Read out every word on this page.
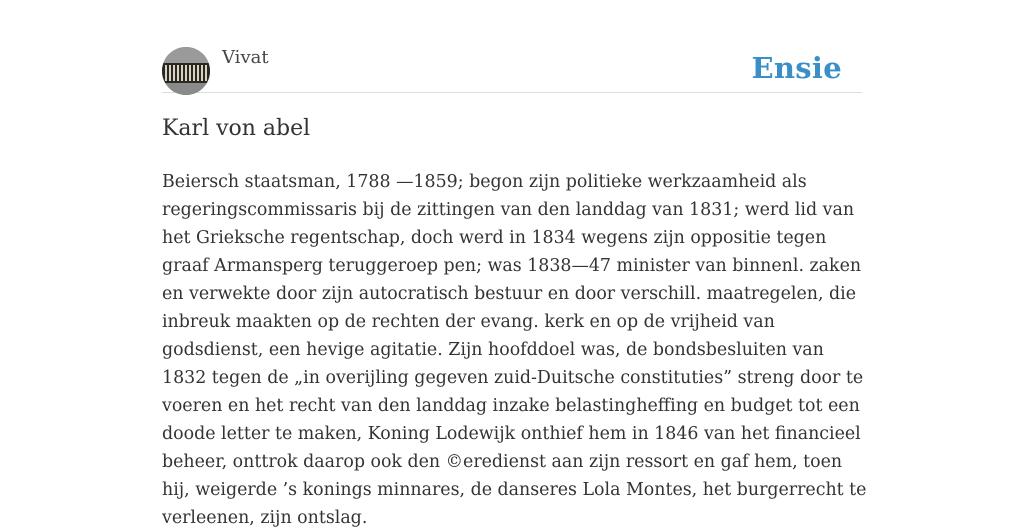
Vivat	Ensie
Karl von abel

Beiersch staatsman, 1788 —1859; begon zijn politieke werkzaamheid als regeringscommissaris bij de zittingen van den landdag van 1831; werd lid van het Grieksche regentschap, doch werd in 1834 wegens zijn oppositie tegen graaf Armansperg teruggeroep pen; was 1838—47 minister van binnenl. zaken en verwekte door zijn autocratisch bestuur en door verschill. maatregelen, die inbreuk maakten op de rechten der evang. kerk en op de vrijheid van godsdienst, een hevige agitatie. Zijn hoofddoel was, de bondsbesluiten van 1832 tegen de „in overijling gegeven zuid-Duitsche constituties” streng door te voeren en het recht van den landdag inzake belastingheffing en budget tot een doode letter te maken, Koning Lodewijk onthief hem in 1846 van het financieel beheer, onttrok daarop ook den ©eredienst aan zijn ressort en gaf hem, toen hij, weigerde ’s konings minnares, de danseres Lola Montes, het burgerrecht te verleenen, zijn ontslag.
